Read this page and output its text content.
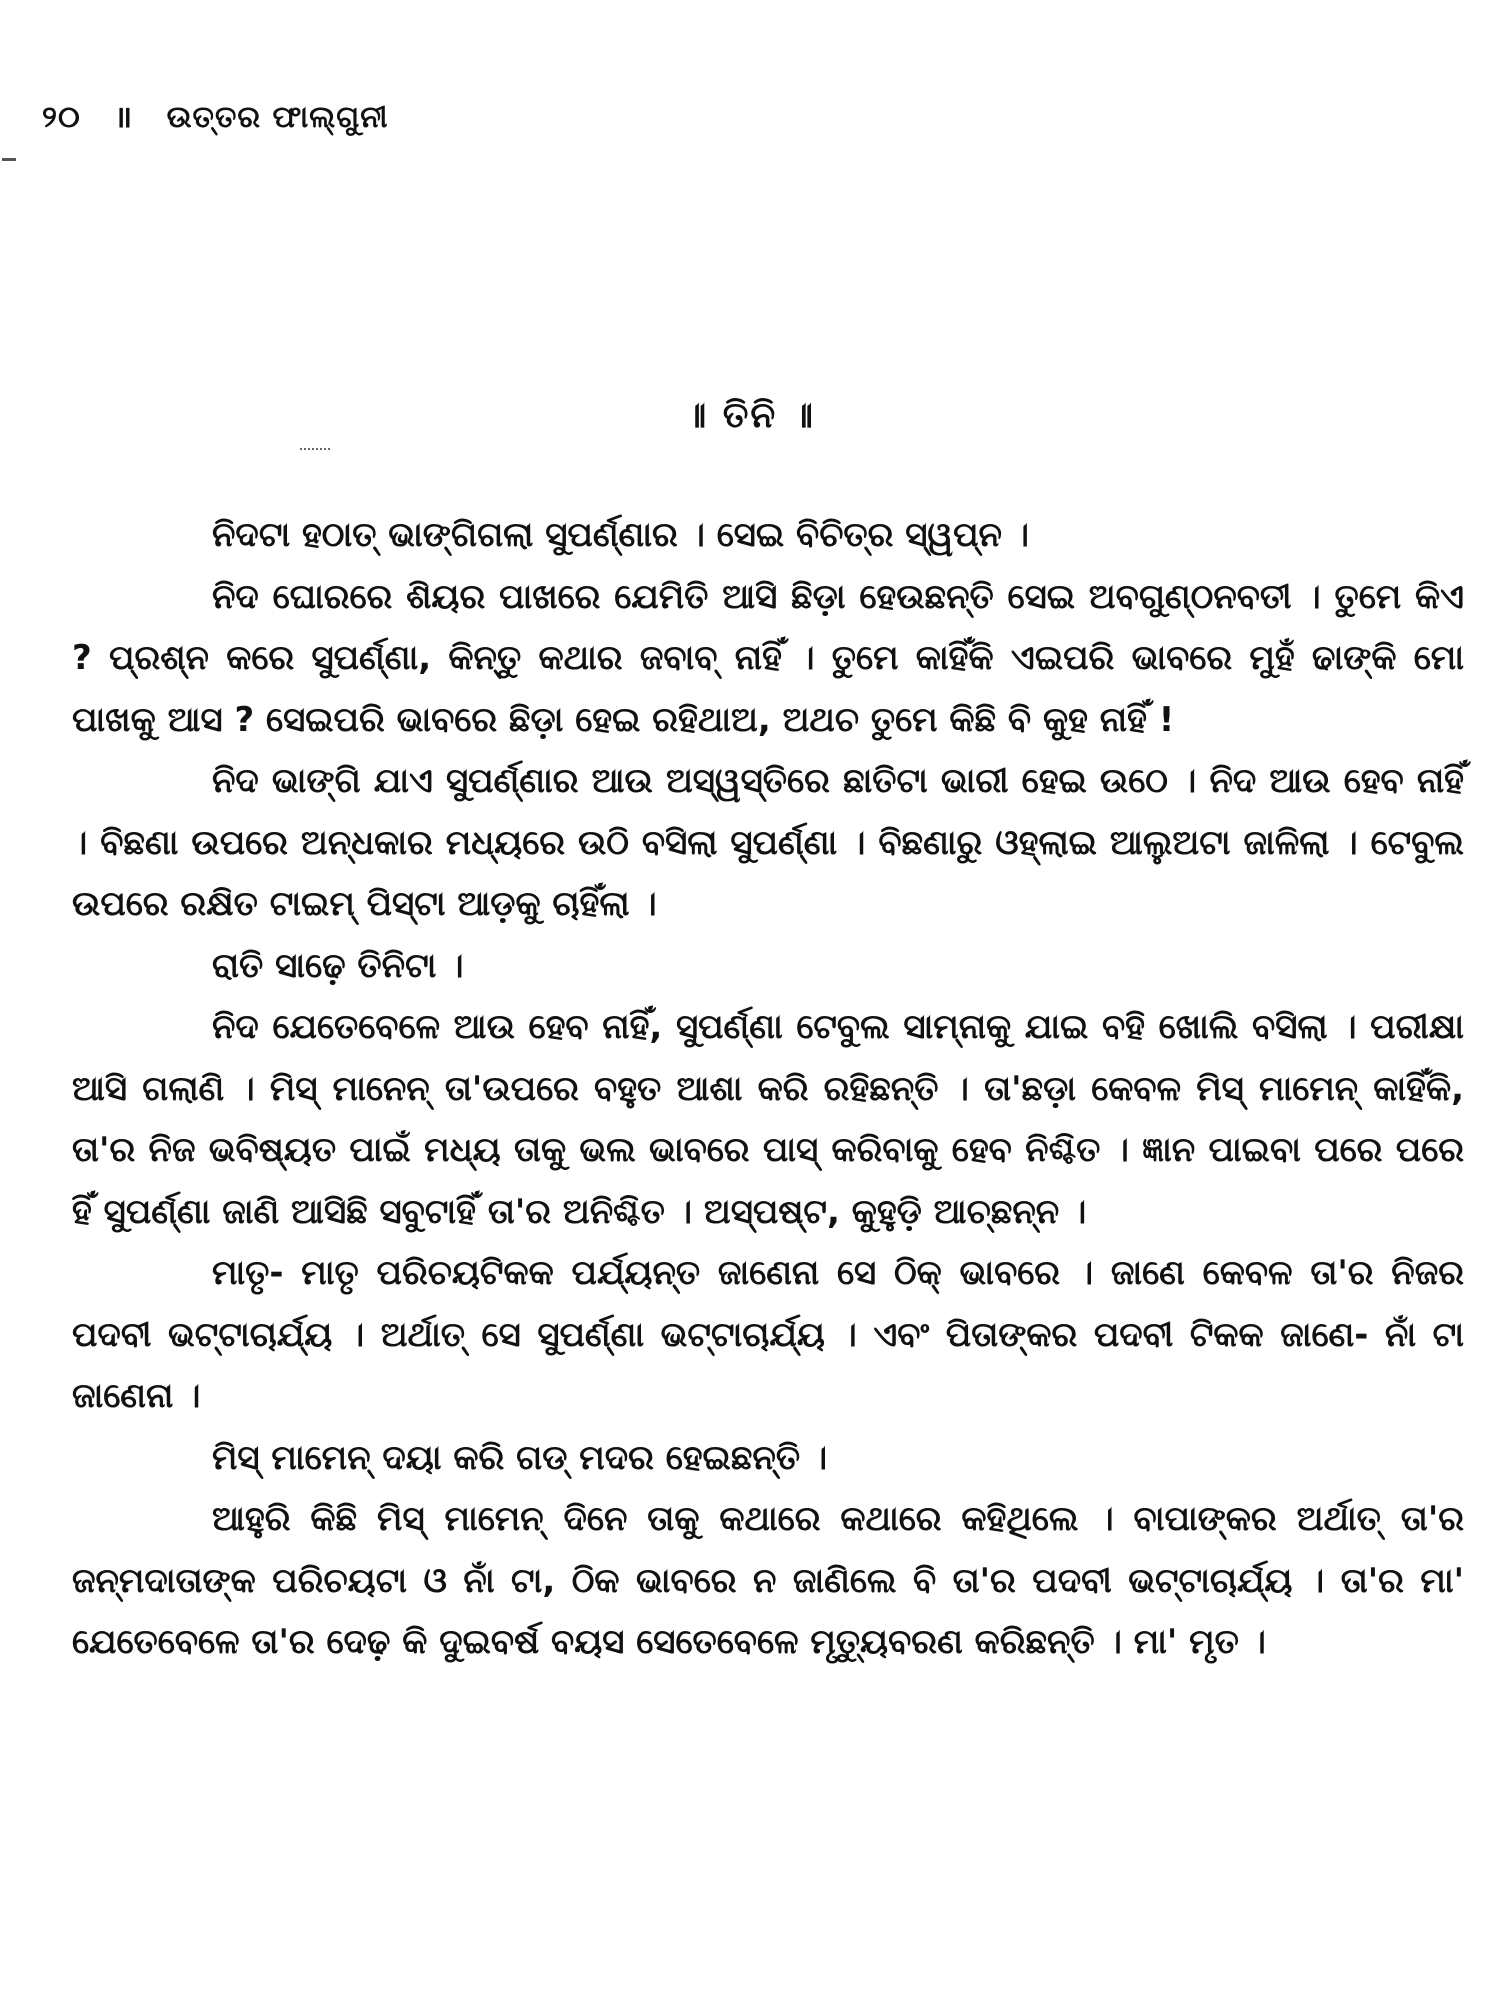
୨୦ ॥ ଉତ୍ତର ଫାଲ୍‌ଗୁନୀ
॥ ତିନି ॥

ନିଦଟା ହଠାତ୍ ଭାଙ୍ଗିଗଲା ସୁପର୍ଣ୍ଣାର । ସେଇ ବିଚିତ୍ର ସ୍ୱପ୍ନ ।

ନିଦ ଘୋରରେ ଶିୟର ପାଖରେ ଯେମିତି ଆସି ଛିଡ଼ା ହେଉଛନ୍ତି ସେଇ ଅବଗୁଣ୍ଠନବତୀ । ତୁମେ କିଏ ? ପ୍ରଶ୍ନ କରେ ସୁପର୍ଣ୍ଣା, କିନ୍ତୁ କଥାର ଜବାବ୍ ନାହିଁ । ତୁମେ କାହିଁକି ଏଇପରି ଭାବରେ ମୁହଁ ଢାଙ୍କି ମୋ ପାଖକୁ ଆସ ? ସେଇପରି ଭାବରେ ଛିଡ଼ା ହେଇ ରହିଥାଅ, ଅଥଚ ତୁମେ କିଛି ବି କୁହ ନାହିଁ !

ନିଦ ଭାଙ୍ଗି ଯାଏ ସୁପର୍ଣ୍ଣାର ଆଉ ଅସ୍ୱସ୍ତିରେ ଛାତିଟା ଭାରୀ ହେଇ ଉଠେ । ନିଦ ଆଉ ହେବ ନାହିଁ । ବିଛଣା ଉପରେ ଅନ୍ଧକାର ମଧ୍ୟରେ ଉଠି ବସିଲା ସୁପର୍ଣ୍ଣା । ବିଛଣାରୁ ଓହ୍ଲାଇ ଆଲୁଅଟା ଜାଳିଲା । ଟେବୁଲ ଉପରେ ରକ୍ଷିତ ଟାଇମ୍ ପିସ୍‌ଟା ଆଡ଼କୁ ଚାହିଁଲା ।

ରାତି ସାଢ଼େ ତିନିଟା ।

ନିଦ ଯେତେବେଳେ ଆଉ ହେବ ନାହିଁ, ସୁପର୍ଣ୍ଣା ଟେବୁଲ ସାମ୍ନାକୁ ଯାଇ ବହି ଖୋଲି ବସିଲା । ପରୀକ୍ଷା ଆସି ଗଲାଣି । ମିସ୍ ମାନେନ୍ ତା'ଉପରେ ବହୁତ ଆଶା କରି ରହିଛନ୍ତି । ତା'ଛଡ଼ା କେବଳ ମିସ୍ ମାମେନ୍ କାହିଁକି, ତା'ର ନିଜ ଭବିଷ୍ୟତ ପାଇଁ ମଧ୍ୟ ତାକୁ ଭଲ ଭାବରେ ପାସ୍ କରିବାକୁ ହେବ ନିଶ୍ଚିତ । ଜ୍ଞାନ ପାଇବା ପରେ ପରେ ହିଁ ସୁପର୍ଣ୍ଣା ଜାଣି ଆସିଛି ସବୁଟାହିଁ ତା'ର ଅନିଶ୍ଚିତ । ଅସ୍ପଷ୍ଟ, କୁହୁଡ଼ି ଆଚ୍ଛନ୍ନ ।

ମାତୃ- ମାତୃ ପରିଚୟଟିକକ ପର୍ଯ୍ୟନ୍ତ ଜାଣେନା ସେ ଠିକ୍ ଭାବରେ । ଜାଣେ କେବଳ ତା'ର ନିଜର ପଦବୀ ଭଟ୍ଟାଚାର୍ଯ୍ୟ । ଅର୍ଥାତ୍ ସେ ସୁପର୍ଣ୍ଣା ଭଟ୍ଟାଚାର୍ଯ୍ୟ । ଏବଂ ପିତାଙ୍କର ପଦବୀ ଟିକକ ଜାଣେ- ନାଁ ଟା ଜାଣେନା ।

ମିସ୍ ମାମେନ୍ ଦୟା କରି ଗଡ୍ ମଦର ହେଇଛନ୍ତି ।

ଆହୁରି କିଛି ମିସ୍ ମାମେନ୍ ଦିନେ ତାକୁ କଥାରେ କଥାରେ କହିଥିଲେ । ବାପାଙ୍କର ଅର୍ଥାତ୍ ତା'ର ଜନ୍ମଦାତାଙ୍କ ପରିଚୟଟା ଓ ନାଁ ଟା, ଠିକ ଭାବରେ ନ ଜାଣିଲେ ବି ତା'ର ପଦବୀ ଭଟ୍ଟାଚାର୍ଯ୍ୟ । ତା'ର ମା' ଯେତେବେଳେ ତା'ର ଦେଢ଼ କି ଦୁଇବର୍ଷ ବୟସ ସେତେବେଳେ ମୃତ୍ୟୁବରଣ କରିଛନ୍ତି । ମା' ମୃତ ।
